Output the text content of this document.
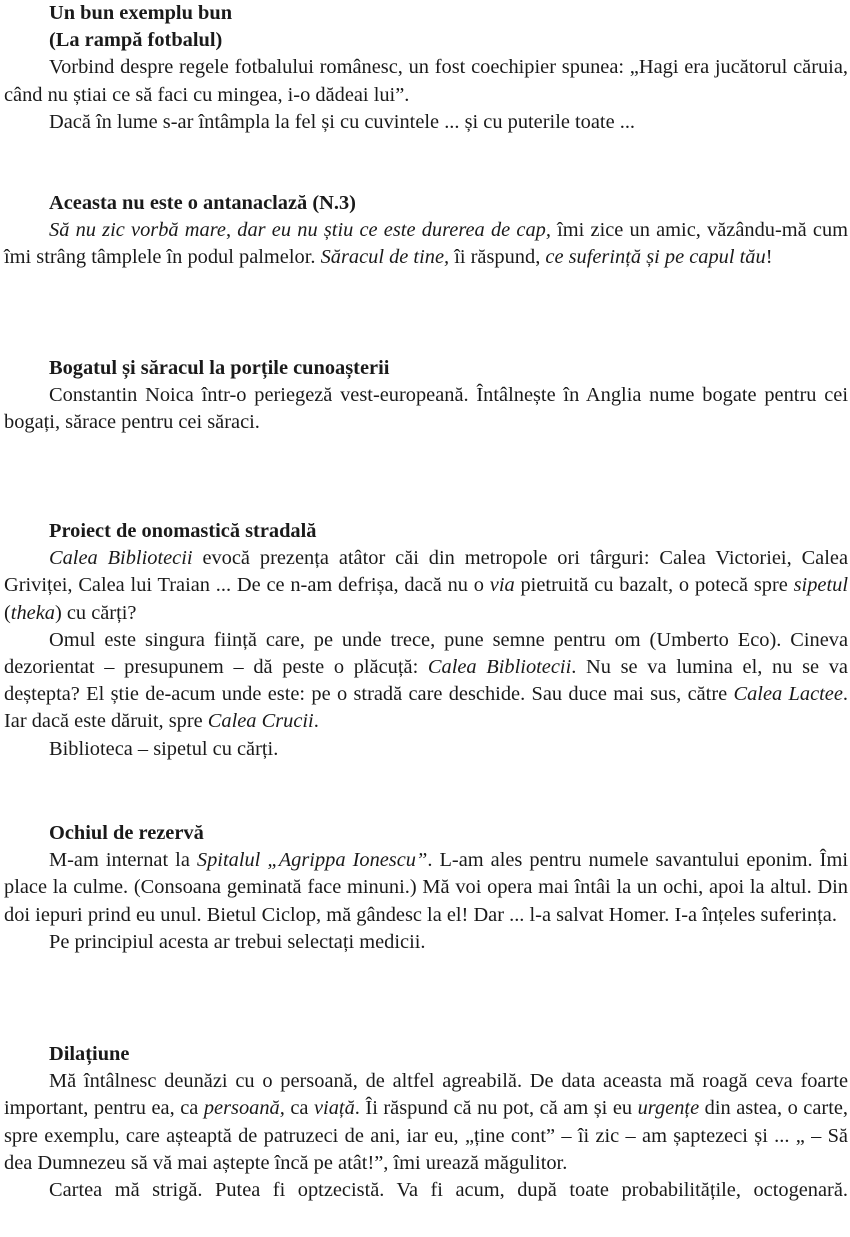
Un bun exemplu bun
(La rampă fotbalul)

Vorbind despre regele fotbalului românesc, un fost coechipier spunea: „Hagi era jucătorul căruia, când nu știai ce să faci cu mingea, i-o dădeai lui”.

Dacă în lume s-ar întâmpla la fel și cu cuvintele ... și cu puterile toate ...

Aceasta nu este o antanaclază (N.3)

Să nu zic vorbă mare, dar eu nu știu ce este durerea de cap, îmi zice un amic, văzându-mă cum îmi strâng tâmplele în podul palmelor. Săracul de tine, îi răspund, ce suferință și pe capul tău!

Bogatul și săracul la porțile cunoașterii

Constantin Noica într-o periegeză vest-europeană. Întâlnește în Anglia nume bogate pentru cei bogați, sărace pentru cei săraci.

Proiect de onomastică stradală

Calea Bibliotecii evocă prezența atâtor căi din metropole ori târguri: Calea Victoriei, Calea Griviței, Calea lui Traian ... De ce n-am defrișa, dacă nu o via pietruită cu bazalt, o potecă spre sipetul (theka) cu cărți?

Omul este singura ființă care, pe unde trece, pune semne pentru om (Umberto Eco). Cineva dezorientat – presupunem – dă peste o plăcuță: Calea Bibliotecii. Nu se va lumina el, nu se va deștepta? El știe de-acum unde este: pe o stradă care deschide. Sau duce mai sus, către Calea Lactee. Iar dacă este dăruit, spre Calea Crucii.

Biblioteca – sipetul cu cărți.

Ochiul de rezervă

M-am internat la Spitalul „Agrippa Ionescu”. L-am ales pentru numele savantului eponim. Îmi place la culme. (Consoana geminată face minuni.) Mă voi opera mai întâi la un ochi, apoi la altul. Din doi iepuri prind eu unul. Bietul Ciclop, mă gândesc la el! Dar ... l-a salvat Homer. I-a înțeles suferința.

Pe principiul acesta ar trebui selectați medicii.

Dilațiune

Mă întâlnesc deunăzi cu o persoană, de altfel agreabilă. De data aceasta mă roagă ceva foarte important, pentru ea, ca persoană, ca viață. Îi răspund că nu pot, că am și eu urgențe din astea, o carte, spre exemplu, care așteaptă de patruzeci de ani, iar eu, „ține cont” – îi zic – am șaptezeci și ... „ – Să dea Dumnezeu să vă mai aștepte încă pe atât!”, îmi urează măgulitor.

Cartea mă strigă. Putea fi optzecistă. Va fi acum, după toate probabilitățile, octogenară.
